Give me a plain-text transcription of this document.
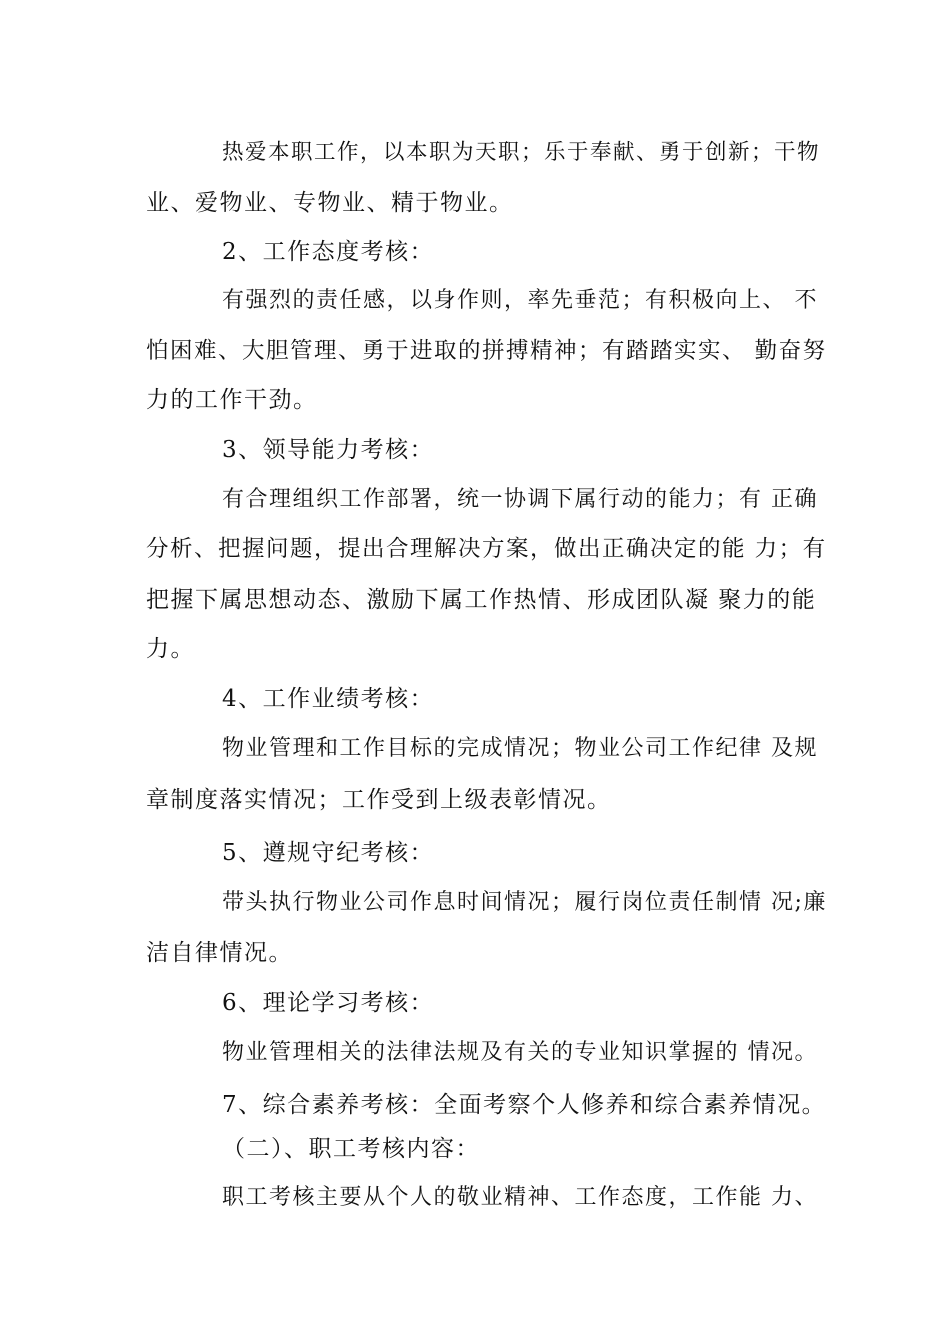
热爱本职工作，以本职为天职；乐于奉献、勇于创新；干物
业、爱物业、专物业、精于物业。
2、工作态度考核：
有强烈的责任感，以身作则，率先垂范；有积极向上、 不
怕困难、大胆管理、勇于进取的拼搏精神；有踏踏实实、 勤奋努
力的工作干劲。
3、领导能力考核：
有合理组织工作部署，统一协调下属行动的能力；有 正确
分析、把握问题，提出合理解决方案，做出正确决定的能 力；有
把握下属思想动态、激励下属工作热情、形成团队凝 聚力的能
力。
4、工作业绩考核：
物业管理和工作目标的完成情况；物业公司工作纪律 及规
章制度落实情况；工作受到上级表彰情况。
5、遵规守纪考核：
带头执行物业公司作息时间情况；履行岗位责任制情 况;廉
洁自律情况。
6、理论学习考核：
物业管理相关的法律法规及有关的专业知识掌握的 情况。
7、综合素养考核：全面考察个人修养和综合素养情况。
（二）、职工考核内容：
职工考核主要从个人的敬业精神、工作态度，工作能 力、
